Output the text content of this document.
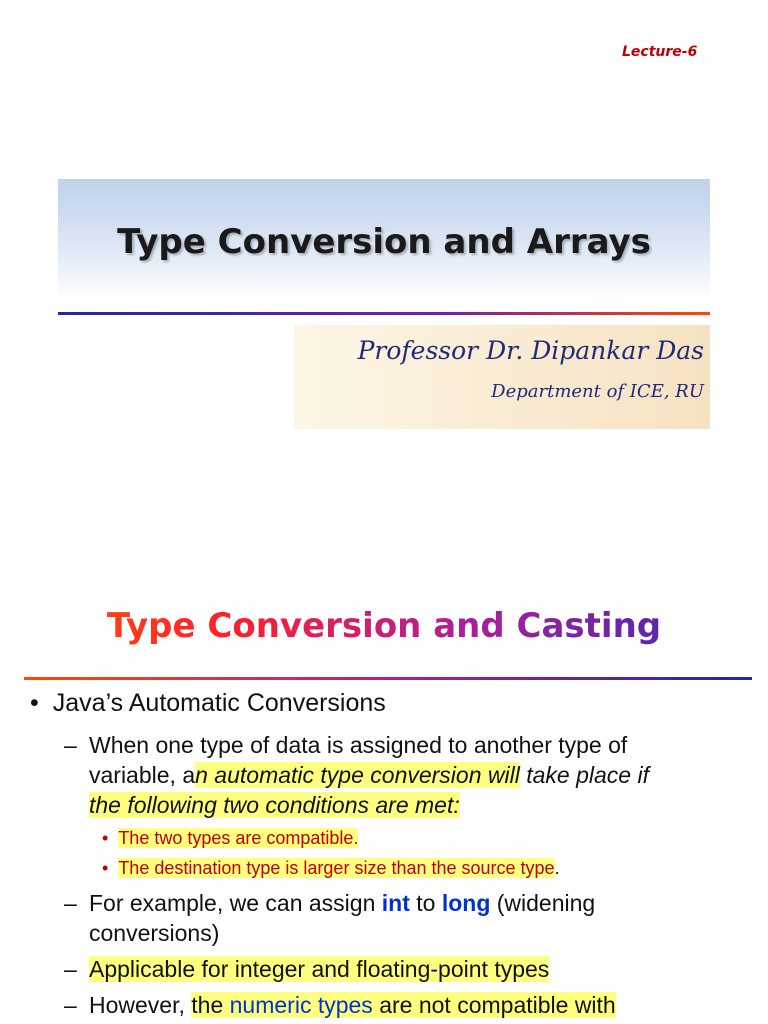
Lecture-6
Type Conversion and Arrays
Professor Dr. Dipankar Das
Department of ICE, RU
Type Conversion and Casting
• Java’s Automatic Conversions
– When one type of data is assigned to another type of
variable, an automatic type conversion will take place if
the following two conditions are met:
• The two types are compatible.
• The destination type is larger size than the source type.
– For example, we can assign int to long (widening
conversions)
– Applicable for integer and floating-point types
– However, the numeric types are not compatible with
